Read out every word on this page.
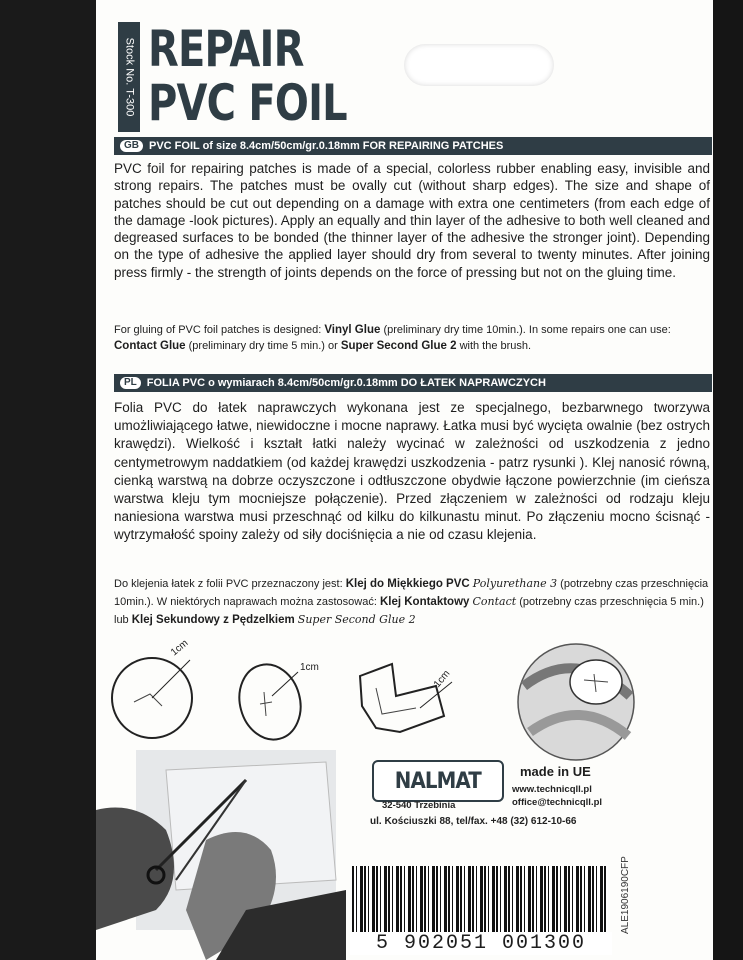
Stock No. T-300 REPAIR
PVC FOIL
GB PVC FOIL of size 8.4cm/50cm/gr.0.18mm FOR REPAIRING PATCHES

PVC foil for repairing patches is made of a special, colorless rubber enabling easy, invisible and strong repairs. The patches must be ovally cut (without sharp edges). The size and shape of patches should be cut out depending on a damage with extra one centimeters (from each edge of the damage -look pictures). Apply an equally and thin layer of the adhesive to both well cleaned and degreased surfaces to be bonded (the thinner layer of the adhesive the stronger joint). Depending on the type of adhesive the applied layer should dry from several to twenty minutes. After joining press firmly - the strength of joints depends on the force of pressing but not on the gluing time.

For gluing of PVC foil patches is designed: Vinyl Glue (preliminary dry time 10min.). In some repairs one can use: Contact Glue (preliminary dry time 5 min.) or Super Second Glue 2 with the brush.
PL FOLIA PVC o wymiarach 8.4cm/50cm/gr.0.18mm DO ŁATEK NAPRAWCZYCH

Folia PVC do łatek naprawczych wykonana jest ze specjalnego, bezbarwnego tworzywa umożliwiającego łatwe, niewidoczne i mocne naprawy. Łatka musi być wycięta owalnie (bez ostrych krawędzi). Wielkość i kształt łatki należy wycinać w zależności od uszkodzenia z jedno centymetrowym naddatkiem (od każdej krawędzi uszkodzenia - patrz rysunki ). Klej nanosić równą, cienką warstwą na dobrze oczyszczone i odtłuszczone obydwie łączone powierzchnie (im cieńsza warstwa kleju tym mocniejsze połączenie). Przed złączeniem w zależności od rodzaju kleju naniesiona warstwa musi przeschnąć od kilku do kilkunastu minut. Po złączeniu mocno ścisnąć - wytrzymałość spoiny zależy od siły dociśnięcia a nie od czasu klejenia.

Do klejenia łatek z folii PVC przeznaczony jest: Klej do Miękkiego PVC Polyurethane 3 (potrzebny czas przeschnięcia 10min.). W niektórych naprawach można zastosować: Klej Kontaktowy Contact (potrzebny czas przeschnięcia 5 min.) lub Klej Sekundowy z Pędzelkiem Super Second Glue 2
1cm
1cm
1cm
NALMAT
32-540 Trzebinia
made in UE
www.technicqll.pl
office@technicqll.pl
ul. Kościuszki 88, tel/fax. +48 (32) 612-10-66
5 902051 001300
ALE1906190CFP
